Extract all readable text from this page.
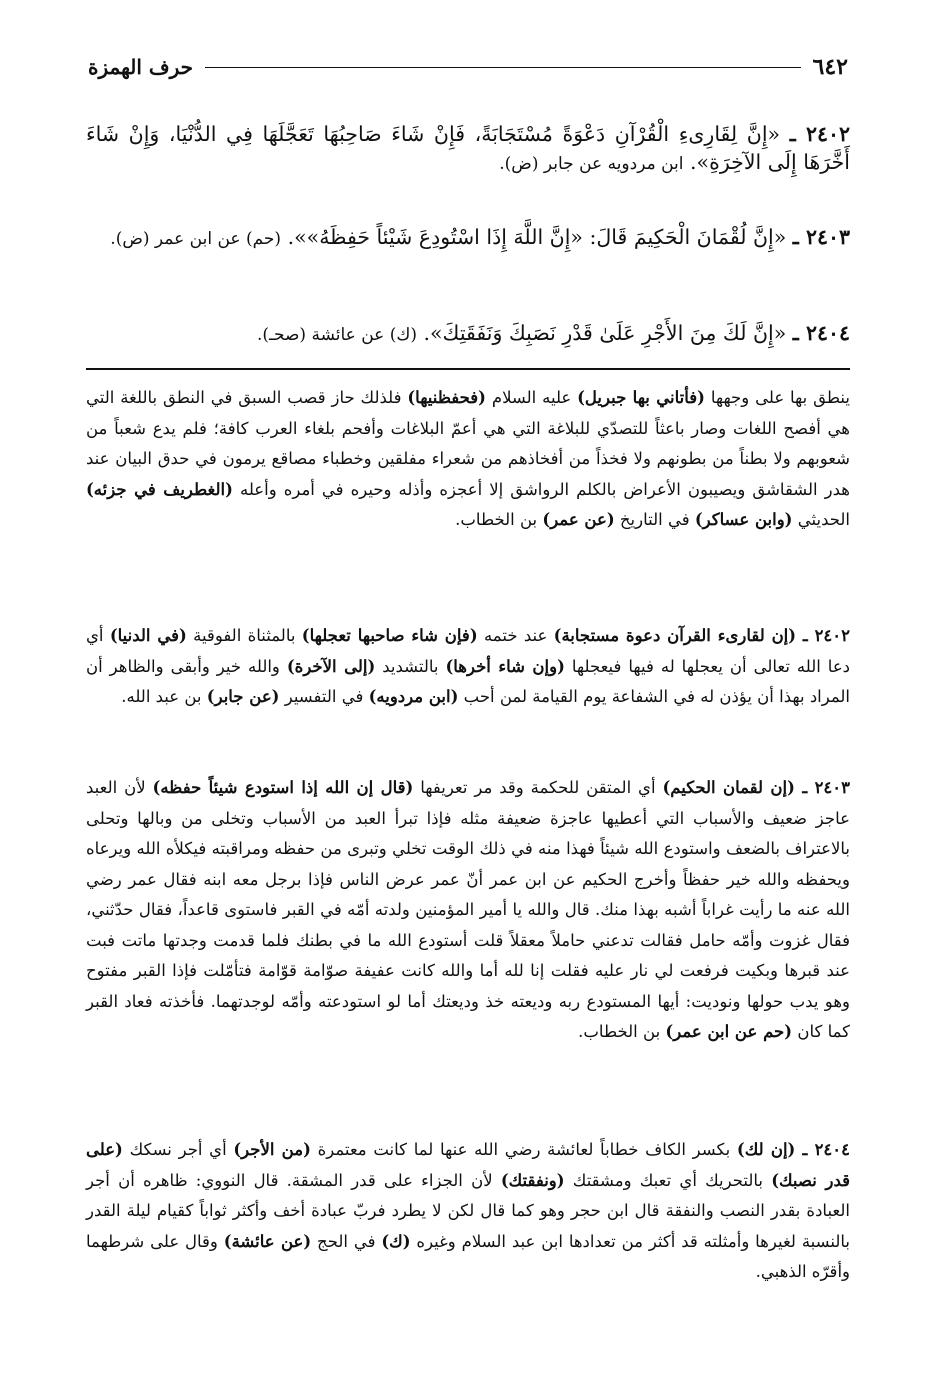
٦٤٢
حرف الهمزة
٢٤٠٢ ـ «إِنَّ لِقَارِىءِ الْقُرْآنِ دَعْوَةً مُسْتَجَابَةً، فَإِنْ شَاءَ صَاحِبُهَا تَعَجَّلَهَا فِي الدُّنْيَا، وَإِنْ شَاءَ أَخَّرَهَا إِلَى الآخِرَةِ». ابن مردويه عن جابر (ض).
٢٤٠٣ ـ «إِنَّ لُقْمَانَ الْحَكِيمَ قَالَ: «إِنَّ اللَّهَ إِذَا اسْتُودِعَ شَيْئاً حَفِظَهُ»». (حم) عن ابن عمر (ض).
٢٤٠٤ ـ «إِنَّ لَكَ مِنَ الأَجْرِ عَلَىٰ قَدْرِ نَصَبِكَ وَنَفَقَتِكَ». (ك) عن عائشة (صحـ).

ينطق بها على وجهها (فأتاني بها جبريل) عليه السلام (فحفظنيها) فلذلك حاز قصب السبق في النطق باللغة التي هي أفصح اللغات وصار باعثاً للتصدّي للبلاغة التي هي أعمّ البلاغات وأفحم بلغاء العرب كافة؛ فلم يدع شعباً من شعوبهم ولا بطناً من بطونهم ولا فخذاً من أفخاذهم من شعراء مفلقين وخطباء مصاقع يرمون في حدق البيان عند هدر الشقاشق ويصيبون الأعراض بالكلم الرواشق إلا أعجزه وأذله وحيره في أمره وأعله (الغطريف في جزئه) الحديثي (وابن عساكر) في التاريخ (عن عمر) بن الخطاب.

٢٤٠٢ ـ (إن لقارىء القرآن دعوة مستجابة) عند ختمه (فإن شاء صاحبها تعجلها) بالمثناة الفوقية (في الدنيا) أي دعا الله تعالى أن يعجلها له فيها فيعجلها (وإن شاء أخرها) بالتشديد (إلى الآخرة) والله خير وأبقى والظاهر أن المراد بهذا أن يؤذن له في الشفاعة يوم القيامة لمن أحب (ابن مردويه) في التفسير (عن جابر) بن عبد الله.

٢٤٠٣ ـ (إن لقمان الحكيم) أي المتقن للحكمة وقد مر تعريفها (قال إن الله إذا استودع شيئاً حفظه) لأن العبد عاجز ضعيف والأسباب التي أعطيها عاجزة ضعيفة مثله فإذا تبرأ العبد من الأسباب وتخلى من وبالها وتحلى بالاعتراف بالضعف واستودع الله شيئاً فهذا منه في ذلك الوقت تخلي وتبرى من حفظه ومراقبته فيكلأه الله ويرعاه ويحفظه والله خير حفظاً وأخرج الحكيم عن ابن عمر أنّ عمر عرض الناس فإذا برجل معه ابنه فقال عمر رضي الله عنه ما رأيت غراباً أشبه بهذا منك. قال والله يا أمير المؤمنين ولدته أمّه في القبر فاستوى قاعداً، فقال حدّثني، فقال غزوت وأمّه حامل فقالت تدعني حاملاً معقلاً قلت أستودع الله ما في بطنك فلما قدمت وجدتها ماتت فبت عند قبرها وبكيت فرفعت لي نار عليه فقلت إنا لله أما والله كانت عفيفة صوّامة قوّامة فتأمّلت فإذا القبر مفتوح وهو يدب حولها ونوديت: أيها المستودع ربه وديعته خذ وديعتك أما لو استودعته وأمّه لوجدتهما. فأخذته فعاد القبر كما كان (حم عن ابن عمر) بن الخطاب.

٢٤٠٤ ـ (إن لك) بكسر الكاف خطاباً لعائشة رضي الله عنها لما كانت معتمرة (من الأجر) أي أجر نسكك (على قدر نصبك) بالتحريك أي تعبك ومشقتك (ونفقتك) لأن الجزاء على قدر المشقة. قال النووي: ظاهره أن أجر العبادة بقدر النصب والنفقة قال ابن حجر وهو كما قال لكن لا يطرد فربّ عبادة أخف وأكثر ثواباً كقيام ليلة القدر بالنسبة لغيرها وأمثلته قد أكثر من تعدادها ابن عبد السلام وغيره (ك) في الحج (عن عائشة) وقال على شرطهما وأقرّه الذهبي.
